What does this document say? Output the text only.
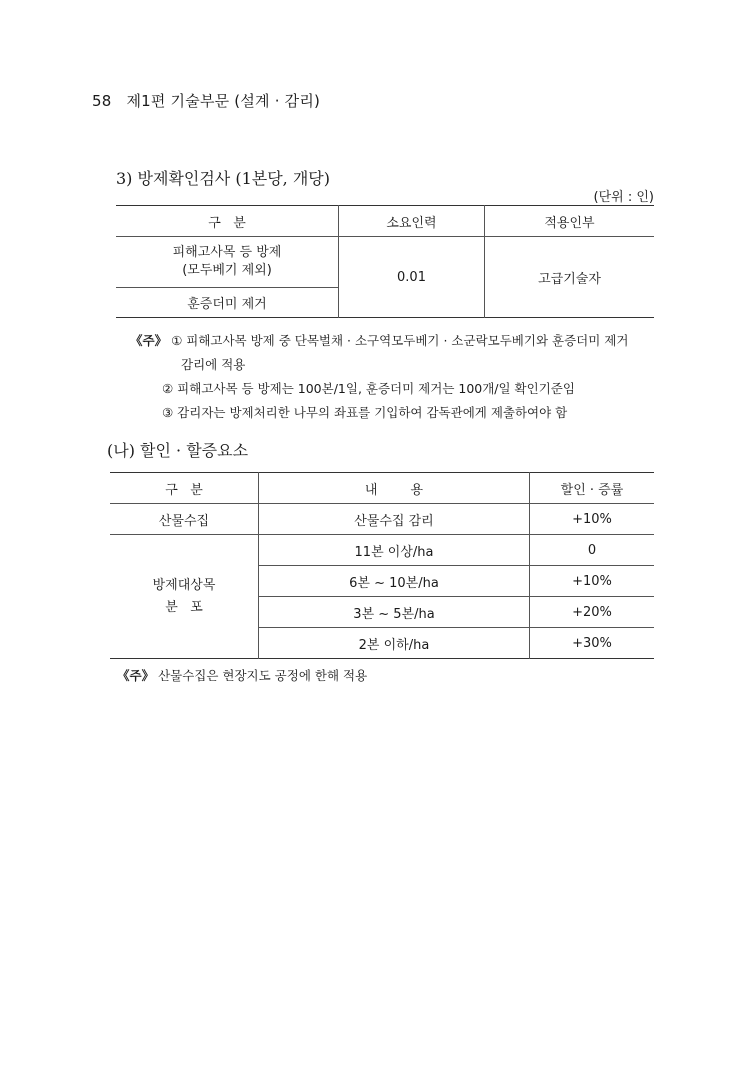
58 제1편 기술부문 (설계 · 감리)
3) 방제확인검사 (1본당, 개당)
(단위 : 인)
구   분	소요인력	적용인부

피해고사목 등 방제
(모두베기 제외)	0.01	고급기술자
훈증더미 제거		
《주》 ① 피해고사목 방제 중 단목벌채 · 소구역모두베기 · 소군락모두베기와 훈증더미 제거
감리에 적용
② 피해고사목 등 방제는 100본/1일, 훈증더미 제거는 100개/일 확인기준임
③ 감리자는 방제처리한 나무의 좌표를 기입하여 감독관에게 제출하여야 함
(나) 할인 · 할증요소
구   분	내        용	할인 · 증률
산물수집	산물수집 감리	+10%

방제대상목
분   포	11본 이상/ha	0
	6본 ~ 10본/ha	+10%
	3본 ~ 5본/ha	+20%
	2본 이하/ha	+30%
《주》 산물수집은 현장지도 공정에 한해 적용
